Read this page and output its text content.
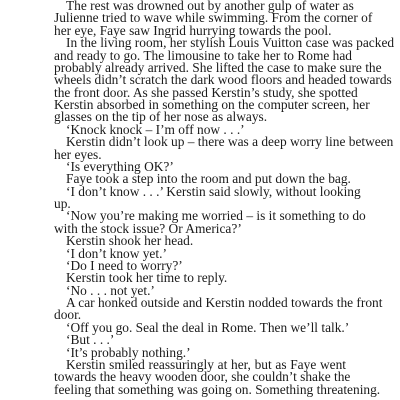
The rest was drowned out by another gulp of water as
Julienne tried to wave while swimming. From the corner of
her eye, Faye saw Ingrid hurrying towards the pool.
In the living room, her stylish Louis Vuitton case was packed
and ready to go. The limousine to take her to Rome had
probably already arrived. She lifted the case to make sure the
wheels didn’t scratch the dark wood floors and headed towards
the front door. As she passed Kerstin’s study, she spotted
Kerstin absorbed in something on the computer screen, her
glasses on the tip of her nose as always.
‘Knock knock – I’m off now . . .’
Kerstin didn’t look up – there was a deep worry line between
her eyes.
‘Is everything OK?’
Faye took a step into the room and put down the bag.
‘I don’t know . . .’ Kerstin said slowly, without looking
up.
‘Now you’re making me worried – is it something to do
with the stock issue? Or America?’
Kerstin shook her head.
‘I don’t know yet.’
‘Do I need to worry?’
Kerstin took her time to reply.
‘No . . . not yet.’
A car honked outside and Kerstin nodded towards the front
door.
‘Off you go. Seal the deal in Rome. Then we’ll talk.’
‘But . . .’
‘It’s probably nothing.’
Kerstin smiled reassuringly at her, but as Faye went
towards the heavy wooden door, she couldn’t shake the
feeling that something was going on. Something threatening.
